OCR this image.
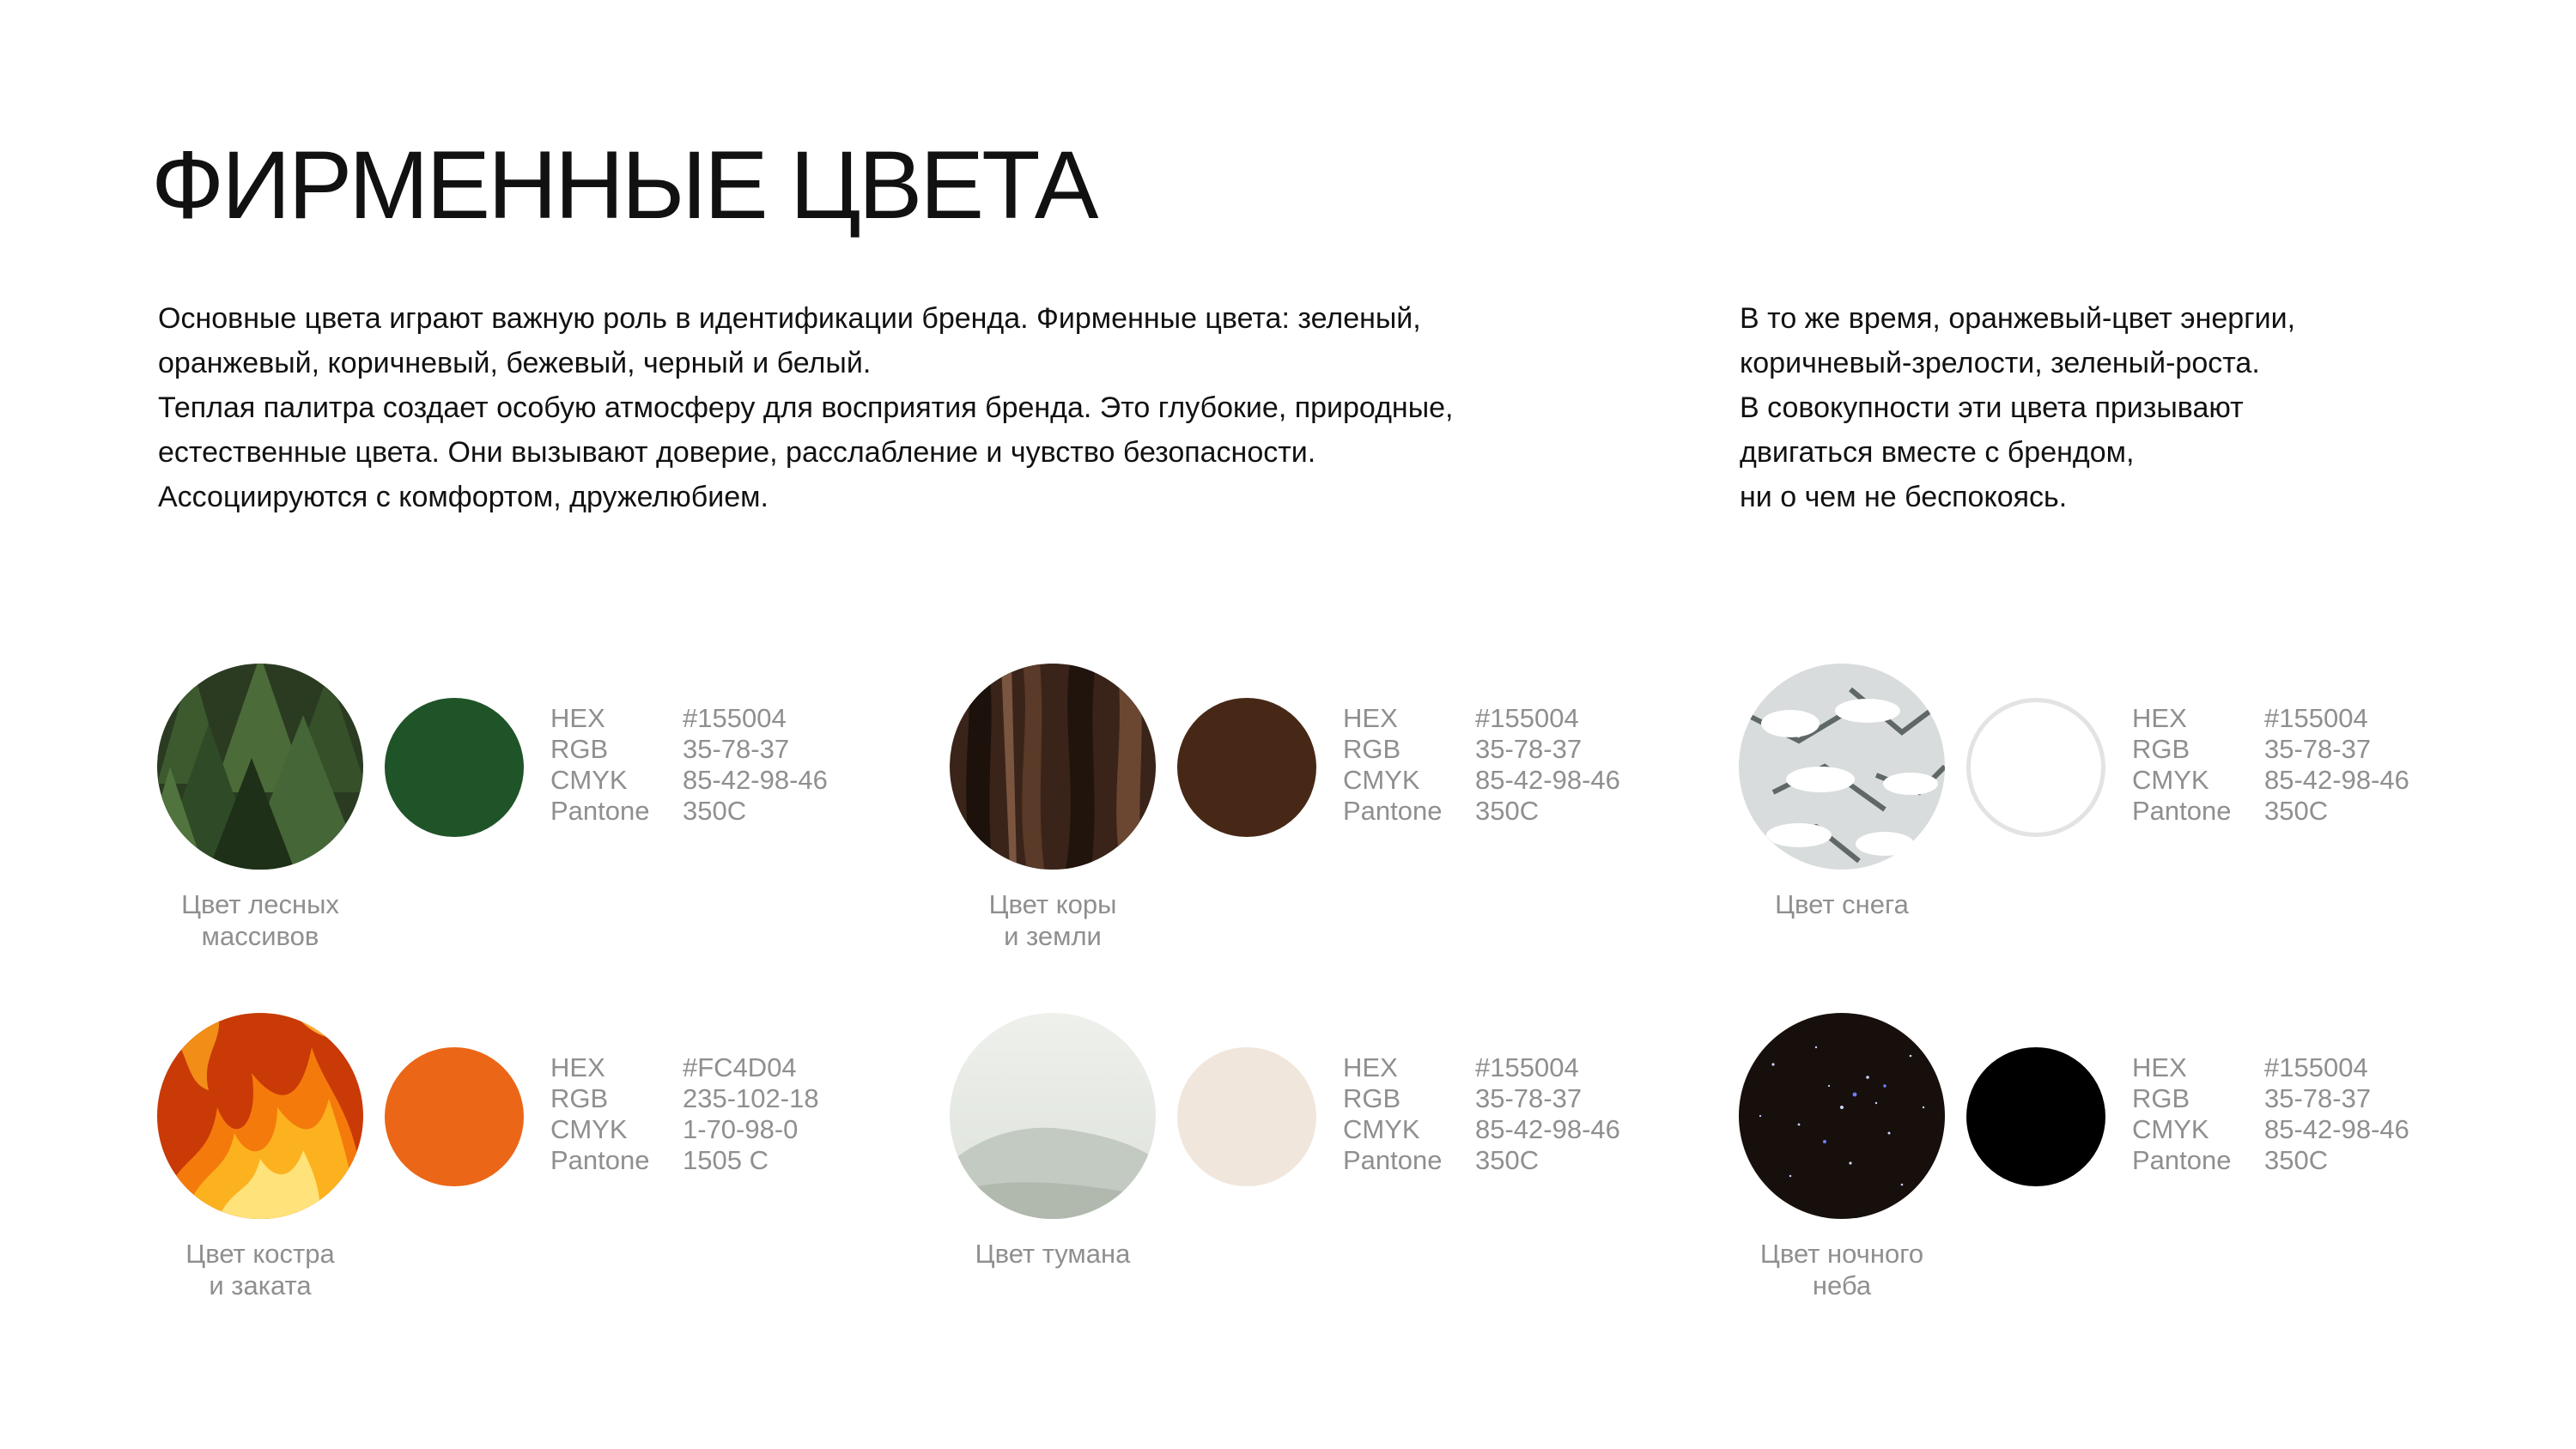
ФИРМЕННЫЕ ЦВЕТА

Основные цвета играют важную роль в идентификации бренда. Фирменные цвета: зеленый,

оранжевый, коричневый, бежевый, черный и белый.

Теплая палитра создает особую атмосферу для восприятия бренда. Это глубокие, природные,

естественные цвета. Они вызывают доверие, расслабление и чувство безопасности.

Ассоциируются с комфортом, дружелюбием.

В то же время, оранжевый-цвет энергии,

коричневый-зрелости, зеленый-роста.

В совокупности эти цвета призывают

двигаться вместе с брендом,

ни о чем не беспокоясь.

HEX	#155004
RGB	35-78-37
CMYK	85-42-98-46
Pantone	350C
Цвет лесных
массивов
HEX	#155004
RGB	35-78-37
CMYK	85-42-98-46
Pantone	350C
Цвет коры
и земли
HEX	#155004
RGB	35-78-37
CMYK	85-42-98-46
Pantone	350C
Цвет снега
HEX	#FC4D04
RGB	235-102-18
CMYK	1-70-98-0
Pantone	1505 C
Цвет костра
и заката
HEX	#155004
RGB	35-78-37
CMYK	85-42-98-46
Pantone	350C
Цвет тумана
HEX	#155004
RGB	35-78-37
CMYK	85-42-98-46
Pantone	350C
Цвет ночного
неба
